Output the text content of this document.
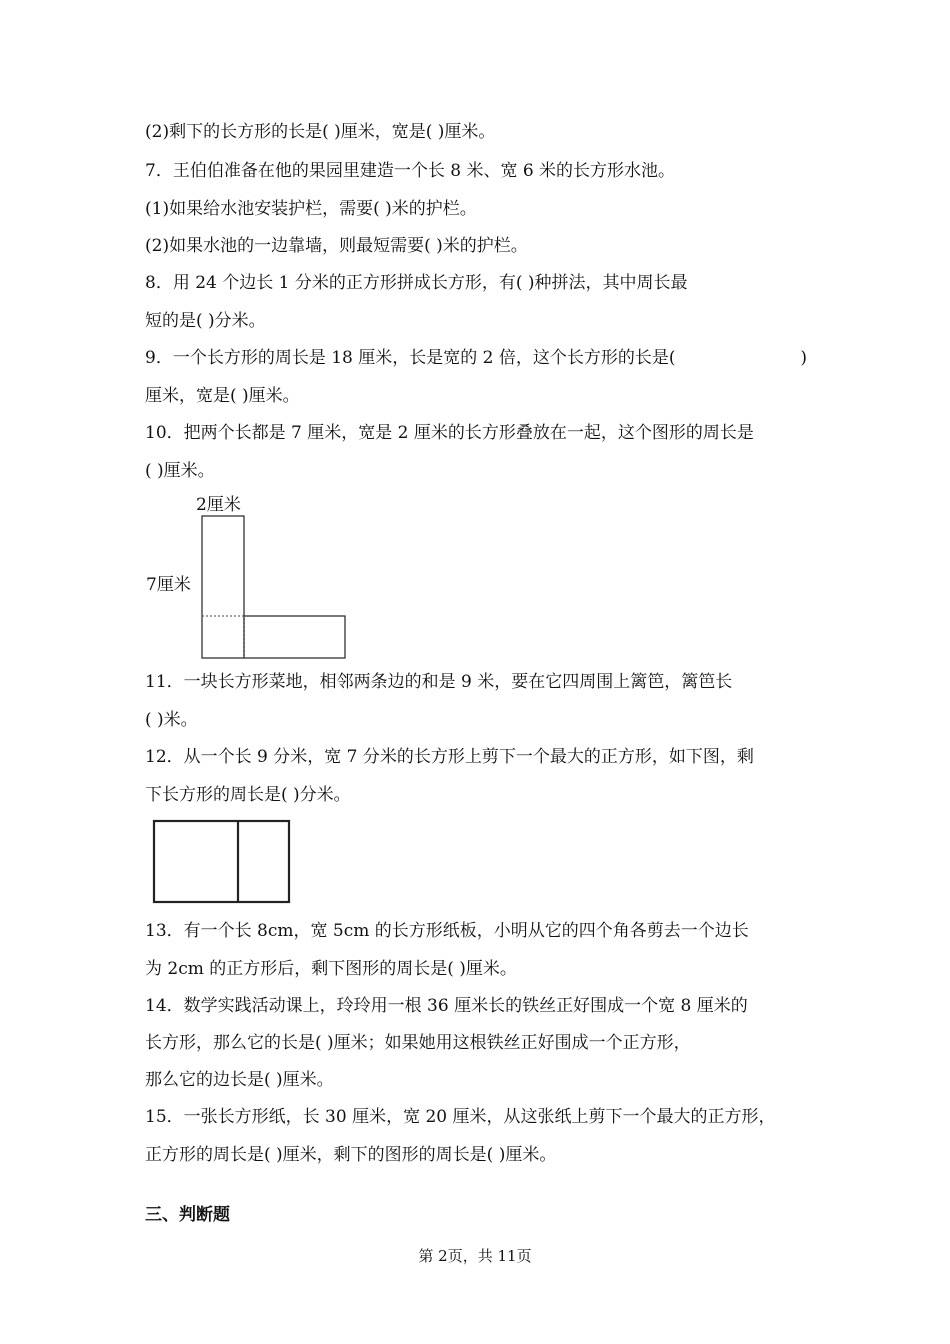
(2)剩下的长方形的长是( )厘米，宽是( )厘米。
7．王伯伯准备在他的果园里建造一个长 8 米、宽 6 米的长方形水池。
(1)如果给水池安装护栏，需要( )米的护栏。
(2)如果水池的一边靠墙，则最短需要( )米的护栏。
8．用 24 个边长 1 分米的正方形拼成长方形，有( )种拼法，其中周长最
短的是( )分米。
9．一个长方形的周长是 18 厘米，长是宽的 2 倍，这个长方形的长是(	)
厘米，宽是( )厘米。
10．把两个长都是 7 厘米，宽是 2 厘米的长方形叠放在一起，这个图形的周长是
( )厘米。
2厘米
7厘米
11．一块长方形菜地，相邻两条边的和是 9 米，要在它四周围上篱笆，篱笆长
( )米。
12．从一个长 9 分米，宽 7 分米的长方形上剪下一个最大的正方形，如下图，剩
下长方形的周长是( )分米。
13．有一个长 8cm，宽 5cm 的长方形纸板，小明从它的四个角各剪去一个边长
为 2cm 的正方形后，剩下图形的周长是( )厘米。
14．数学实践活动课上，玲玲用一根 36 厘米长的铁丝正好围成一个宽 8 厘米的
长方形，那么它的长是( )厘米；如果她用这根铁丝正好围成一个正方形，
那么它的边长是( )厘米。
15．一张长方形纸，长 30 厘米，宽 20 厘米，从这张纸上剪下一个最大的正方形，
正方形的周长是( )厘米，剩下的图形的周长是( )厘米。
三、判断题
第 2页，共 11页
